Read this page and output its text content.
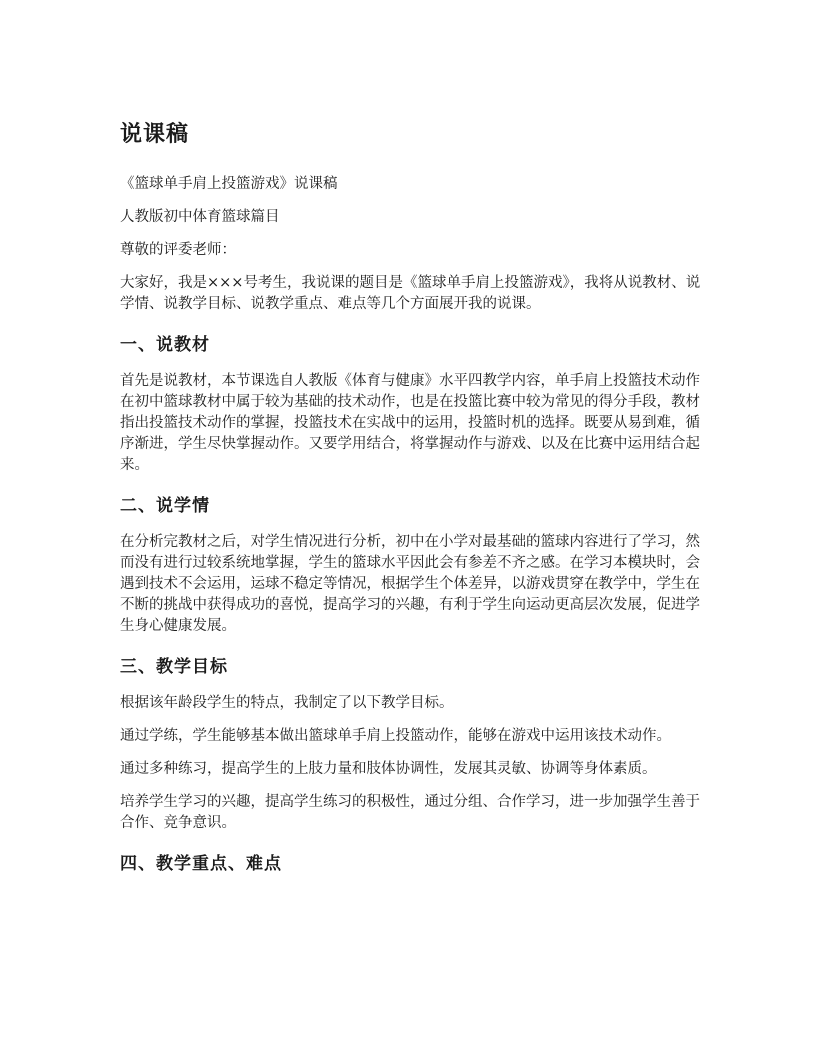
说课稿

《篮球单手肩上投篮游戏》说课稿

人教版初中体育篮球篇目

尊敬的评委老师：

大家好，我是×××号考生，我说课的题目是《篮球单手肩上投篮游戏》，我将从说教材、说学情、说教学目标、说教学重点、难点等几个方面展开我的说课。

一、说教材

首先是说教材，本节课选自人教版《体育与健康》水平四教学内容，单手肩上投篮技术动作在初中篮球教材中属于较为基础的技术动作，也是在投篮比赛中较为常见的得分手段，教材指出投篮技术动作的掌握，投篮技术在实战中的运用，投篮时机的选择。既要从易到难，循序渐进，学生尽快掌握动作。又要学用结合，将掌握动作与游戏、以及在比赛中运用结合起来。

二、说学情

在分析完教材之后，对学生情况进行分析，初中在小学对最基础的篮球内容进行了学习，然而没有进行过较系统地掌握，学生的篮球水平因此会有参差不齐之感。在学习本模块时，会遇到技术不会运用，运球不稳定等情况，根据学生个体差异，以游戏贯穿在教学中，学生在不断的挑战中获得成功的喜悦，提高学习的兴趣，有利于学生向运动更高层次发展，促进学生身心健康发展。

三、教学目标

根据该年龄段学生的特点，我制定了以下教学目标。

通过学练，学生能够基本做出篮球单手肩上投篮动作，能够在游戏中运用该技术动作。

通过多种练习，提高学生的上肢力量和肢体协调性，发展其灵敏、协调等身体素质。

培养学生学习的兴趣，提高学生练习的积极性，通过分组、合作学习，进一步加强学生善于合作、竞争意识。

四、教学重点、难点
